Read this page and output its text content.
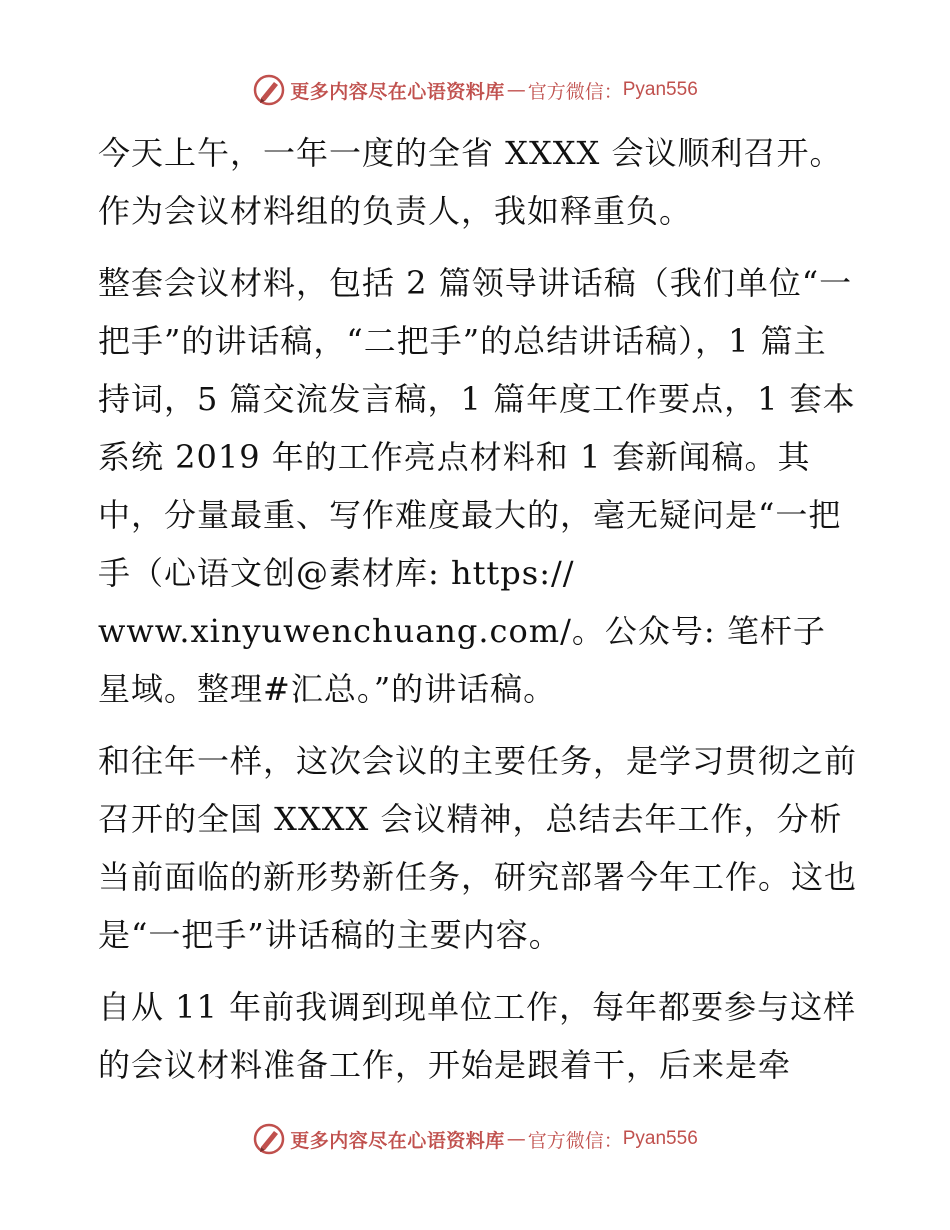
更多内容尽在心语资料库 — 官方微信： Pyan556

今天上午，一年一度的全省 XXXX 会议顺利召开。作为会议材料组的负责人，我如释重负。

整套会议材料，包括 2 篇领导讲话稿（我们单位“一把手”的讲话稿，“二把手”的总结讲话稿），1 篇主持词，5 篇交流发言稿，1 篇年度工作要点，1 套本系统 2019 年的工作亮点材料和 1 套新闻稿。其中，分量最重、写作难度最大的，毫无疑问是“一把手（心语文创@素材库: https:// www.xinyuwenchuang.com/。公众号: 笔杆子星域。整理#汇总。”的讲话稿。

和往年一样，这次会议的主要任务，是学习贯彻之前召开的全国 XXXX 会议精神，总结去年工作，分析当前面临的新形势新任务，研究部署今年工作。这也是“一把手”讲话稿的主要内容。

自从 11 年前我调到现单位工作，每年都要参与这样的会议材料准备工作，开始是跟着干，后来是牵

更多内容尽在心语资料库 — 官方微信： Pyan556
